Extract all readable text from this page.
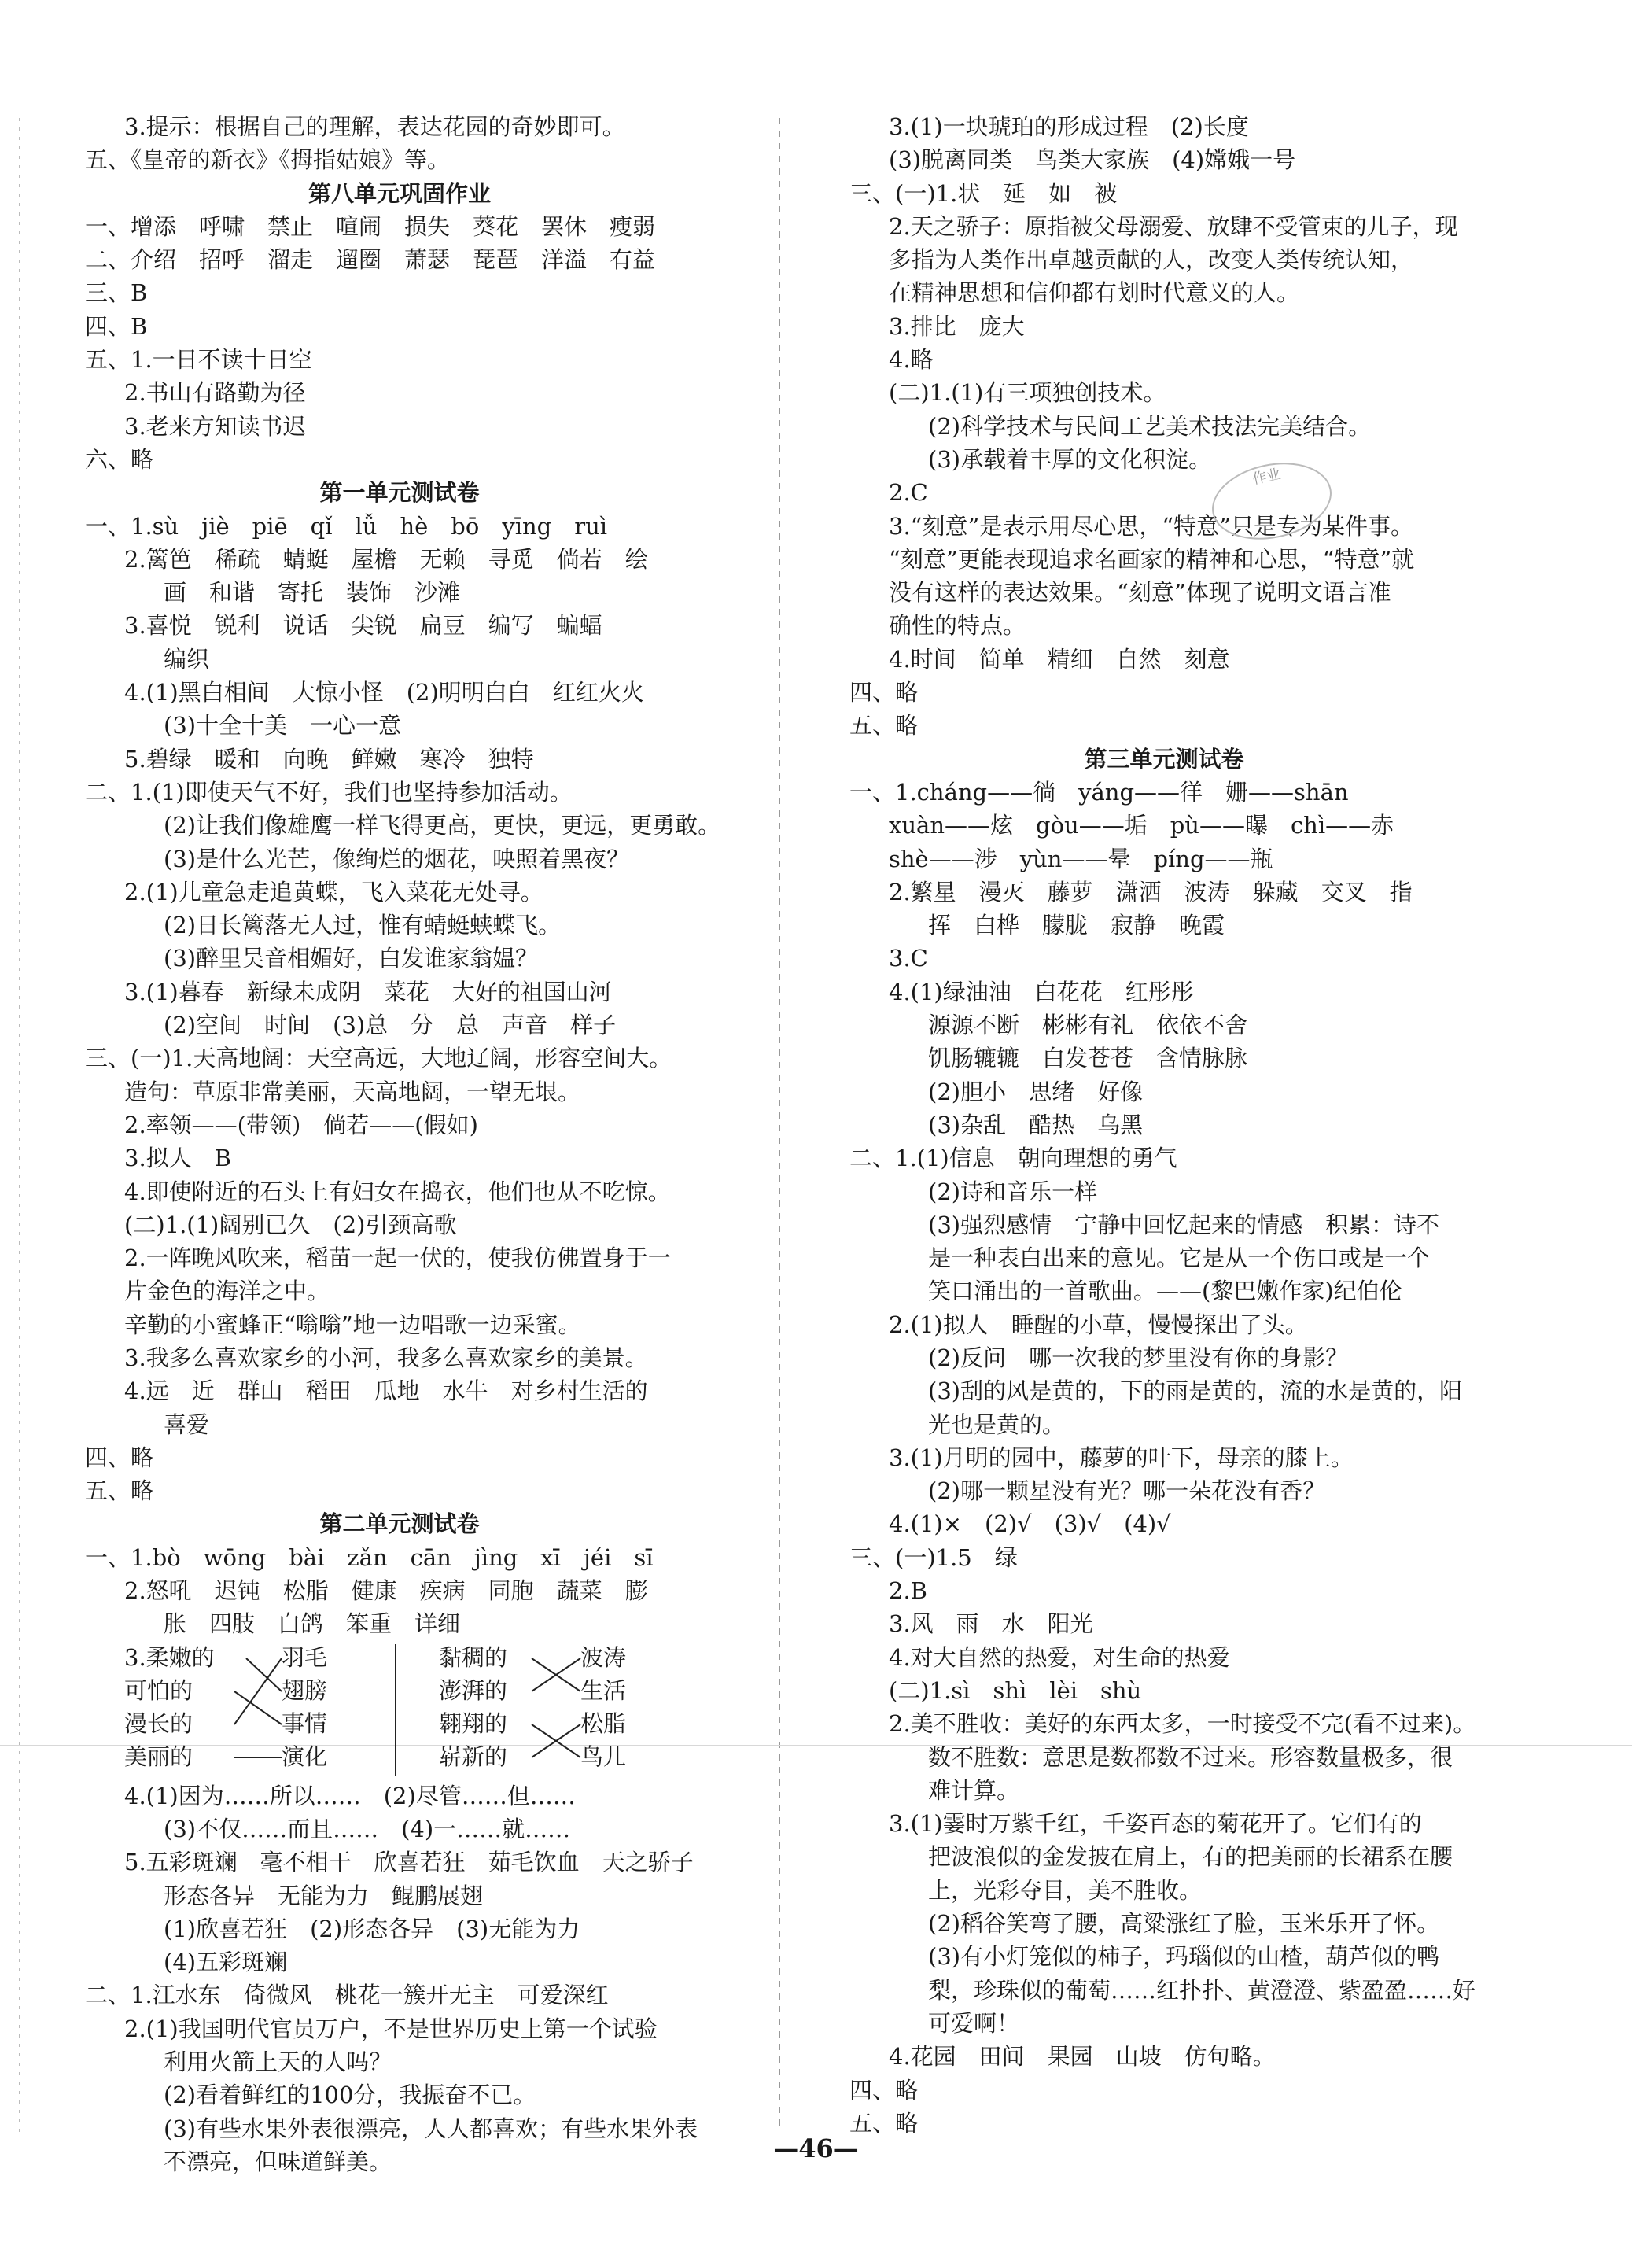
3.提示：根据自己的理解，表达花园的奇妙即可。
五、《皇帝的新衣》《拇指姑娘》等。
第八单元巩固作业
一、增添　呼啸　禁止　喧闹　损失　葵花　罢休　瘦弱
二、介绍　招呼　溜走　遛圈　萧瑟　琵琶　洋溢　有益
三、B
四、B
五、1.一日不读十日空
2.书山有路勤为径
3.老来方知读书迟
六、略
第一单元测试卷
一、1.sù　jiè　piē　qǐ　lǚ　hè　bō　yīng　ruì
2.篱笆　稀疏　蜻蜓　屋檐　无赖　寻觅　倘若　绘
画　和谐　寄托　装饰　沙滩
3.喜悦　锐利　说话　尖锐　扁豆　编写　蝙蝠
编织
4.(1)黑白相间　大惊小怪　(2)明明白白　红红火火
(3)十全十美　一心一意
5.碧绿　暖和　向晚　鲜嫩　寒冷　独特
二、1.(1)即使天气不好，我们也坚持参加活动。
(2)让我们像雄鹰一样飞得更高，更快，更远，更勇敢。
(3)是什么光芒，像绚烂的烟花，映照着黑夜？
2.(1)儿童急走追黄蝶，飞入菜花无处寻。
(2)日长篱落无人过，惟有蜻蜓蛱蝶飞。
(3)醉里吴音相媚好，白发谁家翁媪？
3.(1)暮春　新绿未成阴　菜花　大好的祖国山河
(2)空间　时间　(3)总　分　总　声音　样子
三、(一)1.天高地阔：天空高远，大地辽阔，形容空间大。
造句：草原非常美丽，天高地阔，一望无垠。
2.率领——(带领)　倘若——(假如)
3.拟人　B
4.即使附近的石头上有妇女在捣衣，他们也从不吃惊。
(二)1.(1)阔别已久　(2)引颈高歌
2.一阵晚风吹来，稻苗一起一伏的，使我仿佛置身于一
片金色的海洋之中。
辛勤的小蜜蜂正“嗡嗡”地一边唱歌一边采蜜。
3.我多么喜欢家乡的小河，我多么喜欢家乡的美景。
4.远　近　群山　稻田　瓜地　水牛　对乡村生活的
喜爱
四、略
五、略
第二单元测试卷
一、1.bò　wōng　bài　zǎn　cān　jìng　xī　jéi　sī
2.怒吼　迟钝　松脂　健康　疾病　同胞　蔬菜　膨
胀　四肢　白鸽　笨重　详细
3.柔嫩的
可怕的
漫长的
美丽的
羽毛
翅膀
事情
演化
黏稠的
澎湃的
翱翔的
崭新的
波涛
生活
松脂
鸟儿
4.(1)因为……所以……　(2)尽管……但……
(3)不仅……而且……　(4)一……就……
5.五彩斑斓　毫不相干　欣喜若狂　茹毛饮血　天之骄子
形态各异　无能为力　鲲鹏展翅
(1)欣喜若狂　(2)形态各异　(3)无能为力
(4)五彩斑斓
二、1.江水东　倚微风　桃花一簇开无主　可爱深红
2.(1)我国明代官员万户，不是世界历史上第一个试验
利用火箭上天的人吗？
(2)看着鲜红的100分，我振奋不已。
(3)有些水果外表很漂亮，人人都喜欢；有些水果外表
不漂亮，但味道鲜美。
3.(1)一块琥珀的形成过程　(2)长度
(3)脱离同类　鸟类大家族　(4)嫦娥一号
三、(一)1.状　延　如　被
2.天之骄子：原指被父母溺爱、放肆不受管束的儿子，现
多指为人类作出卓越贡献的人，改变人类传统认知，
在精神思想和信仰都有划时代意义的人。
3.排比　庞大
4.略
(二)1.(1)有三项独创技术。
(2)科学技术与民间工艺美术技法完美结合。
(3)承载着丰厚的文化积淀。
2.C
3.“刻意”是表示用尽心思，“特意”只是专为某件事。
“刻意”更能表现追求名画家的精神和心思，“特意”就
没有这样的表达效果。“刻意”体现了说明文语言准
确性的特点。
4.时间　简单　精细　自然　刻意
四、略
五、略
第三单元测试卷
一、1.cháng——徜　yáng——徉　姗——shān
xuàn——炫　gòu——垢　pù——曝　chì——赤
shè——涉　yùn——晕　píng——瓶
2.繁星　漫灭　藤萝　潇洒　波涛　躲藏　交叉　指
挥　白桦　朦胧　寂静　晚霞
3.C
4.(1)绿油油　白花花　红彤彤
源源不断　彬彬有礼　依依不舍
饥肠辘辘　白发苍苍　含情脉脉
(2)胆小　思绪　好像
(3)杂乱　酷热　乌黑
二、1.(1)信息　朝向理想的勇气
(2)诗和音乐一样
(3)强烈感情　宁静中回忆起来的情感　积累：诗不
是一种表白出来的意见。它是从一个伤口或是一个
笑口涌出的一首歌曲。——(黎巴嫩作家)纪伯伦
2.(1)拟人　睡醒的小草，慢慢探出了头。
(2)反问　哪一次我的梦里没有你的身影？
(3)刮的风是黄的，下的雨是黄的，流的水是黄的，阳
光也是黄的。
3.(1)月明的园中，藤萝的叶下，母亲的膝上。
(2)哪一颗星没有光？哪一朵花没有香？
4.(1)×　(2)√　(3)√　(4)√
三、(一)1.5　绿
2.B
3.风　雨　水　阳光
4.对大自然的热爱，对生命的热爱
(二)1.sì　shì　lèi　shù
2.美不胜收：美好的东西太多，一时接受不完(看不过来)。
数不胜数：意思是数都数不过来。形容数量极多，很
难计算。
3.(1)霎时万紫千红，千姿百态的菊花开了。它们有的
把波浪似的金发披在肩上，有的把美丽的长裙系在腰
上，光彩夺目，美不胜收。
(2)稻谷笑弯了腰，高粱涨红了脸，玉米乐开了怀。
(3)有小灯笼似的柿子，玛瑙似的山楂，葫芦似的鸭
梨，珍珠似的葡萄……红扑扑、黄澄澄、紫盈盈……好
可爱啊！
4.花园　田间　果园　山坡　仿句略。
四、略
五、略
作业
—46—
